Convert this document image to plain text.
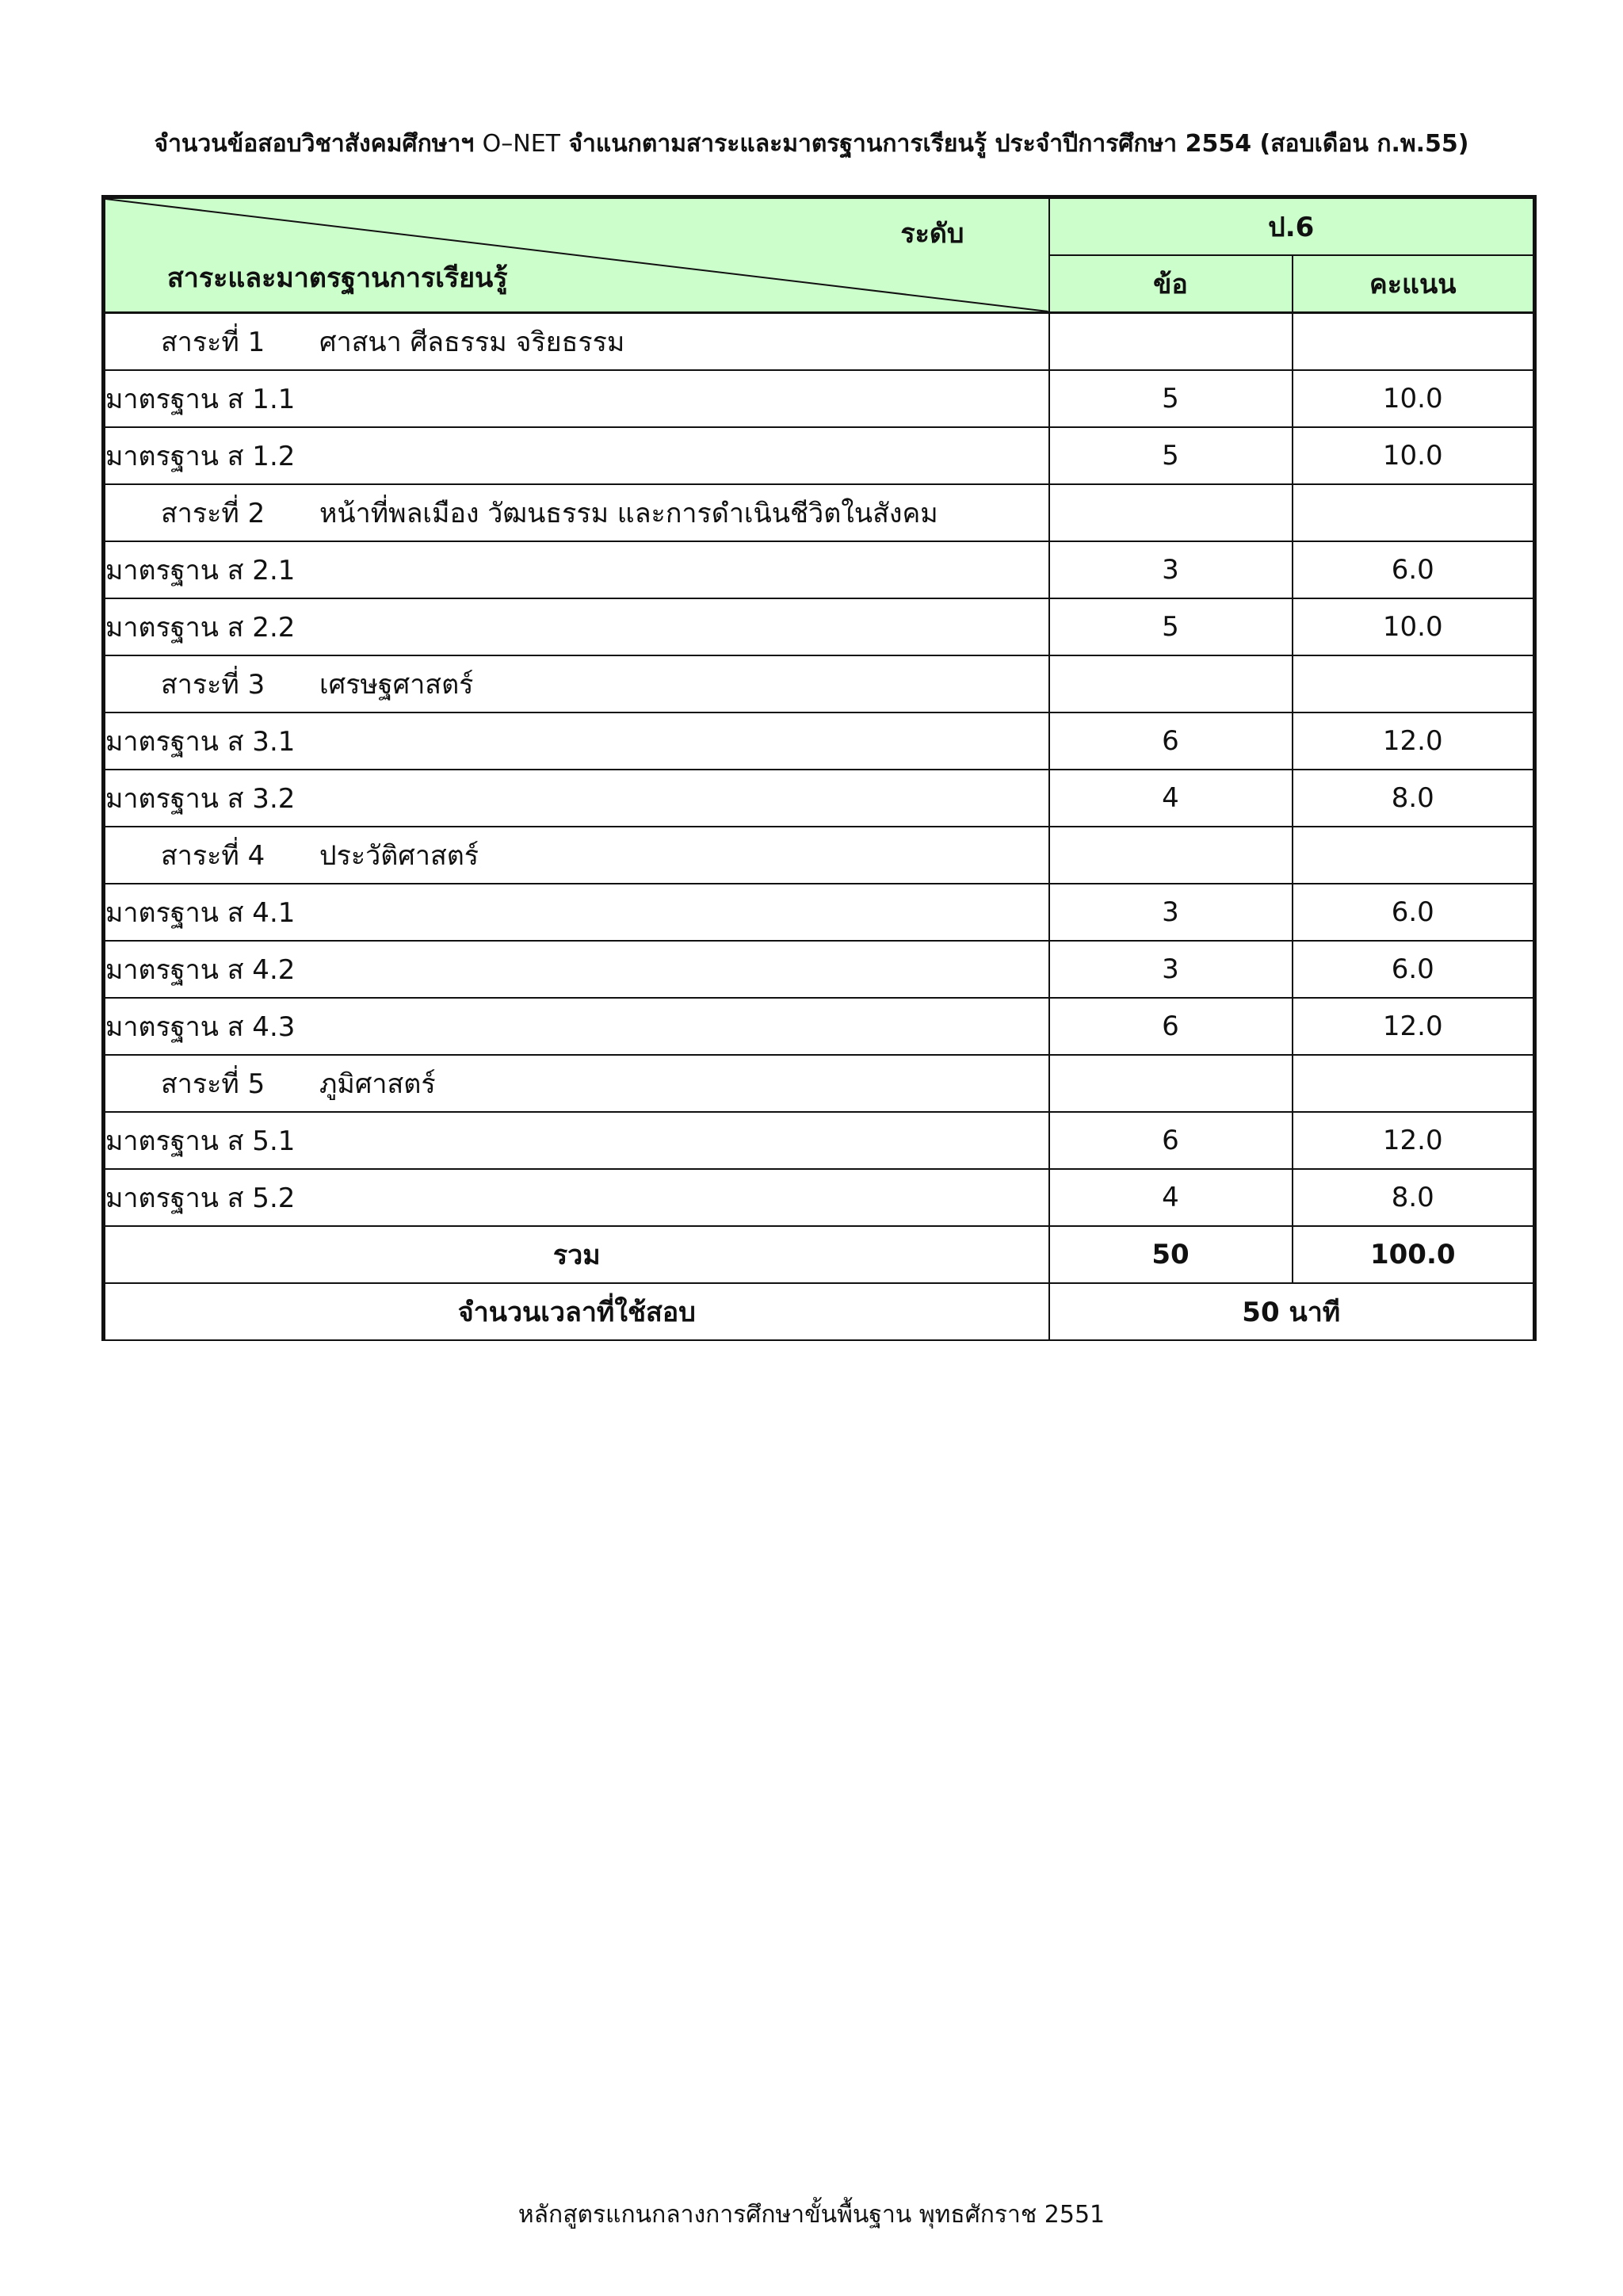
จำนวนข้อสอบวิชาสังคมศึกษาฯ O–NET จำแนกตามสาระและมาตรฐานการเรียนรู้ ประจำปีการศึกษา 2554 (สอบเดือน ก.พ.55)
ระดับ
สาระและมาตรฐานการเรียนรู้	ป.6	
	ข้อ	คะแนน
สาระที่ 1 ศาสนา ศีลธรรม จริยธรรม		
มาตรฐาน ส 1.1	5	10.0
มาตรฐาน ส 1.2	5	10.0
สาระที่ 2 หน้าที่พลเมือง วัฒนธรรม และการดำเนินชีวิตในสังคม		
มาตรฐาน ส 2.1	3	6.0
มาตรฐาน ส 2.2	5	10.0
สาระที่ 3 เศรษฐศาสตร์		
มาตรฐาน ส 3.1	6	12.0
มาตรฐาน ส 3.2	4	8.0
สาระที่ 4 ประวัติศาสตร์		
มาตรฐาน ส 4.1	3	6.0
มาตรฐาน ส 4.2	3	6.0
มาตรฐาน ส 4.3	6	12.0
สาระที่ 5 ภูมิศาสตร์		
มาตรฐาน ส 5.1	6	12.0
มาตรฐาน ส 5.2	4	8.0
รวม	50	100.0
จำนวนเวลาที่ใช้สอบ	50 นาที	
หลักสูตรแกนกลางการศึกษาขั้นพื้นฐาน พุทธศักราช 2551
